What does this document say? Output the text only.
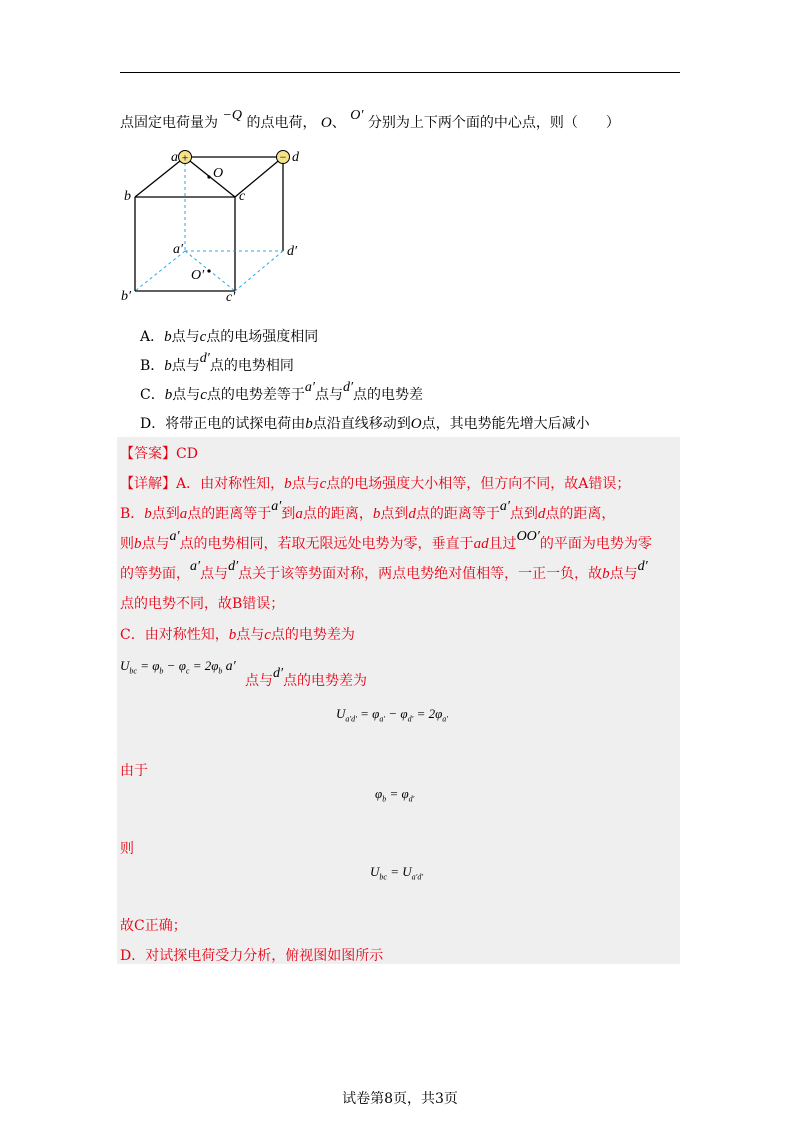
点固定电荷量为 −Q 的点电荷， O、 O′ 分别为上下两个面的中心点，则（　　）
+	−
a	d
O
b	c
a′	d′
O′
b′	c′
A．b点与c点的电场强度相同
B．b点与d′点的电势相同
C．b点与c点的电势差等于a′点与d′点的电势差
D．将带正电的试探电荷由b点沿直线移动到O点，其电势能先增大后减小
【答案】CD
【详解】A．由对称性知，b点与c点的电场强度大小相等，但方向不同，故A错误；
B．b点到a点的距离等于a′到a点的距离，b点到d点的距离等于a′点到d点的距离，
则b点与a′点的电势相同，若取无限远处电势为零，垂直于ad且过OO′的平面为电势为零
的等势面，a′点与d′点关于该等势面对称，两点电势绝对值相等，一正一负，故b点与d′
点的电势不同，故B错误；
C．由对称性知，b点与c点的电势差为
$U_{bc} = \varphi_b - \varphi_c = 2\varphi_b$ a′
点与d′点的电势差为
$U_{a'd'} = \varphi_{a'} - \varphi_{d'} = 2\varphi_{a'}$
由于
$\varphi_b = \varphi_{d'}$
则
$U_{bc} = U_{a'd'}$
故C正确；
D．对试探电荷受力分析，俯视图如图所示
试卷第8页，共3页
